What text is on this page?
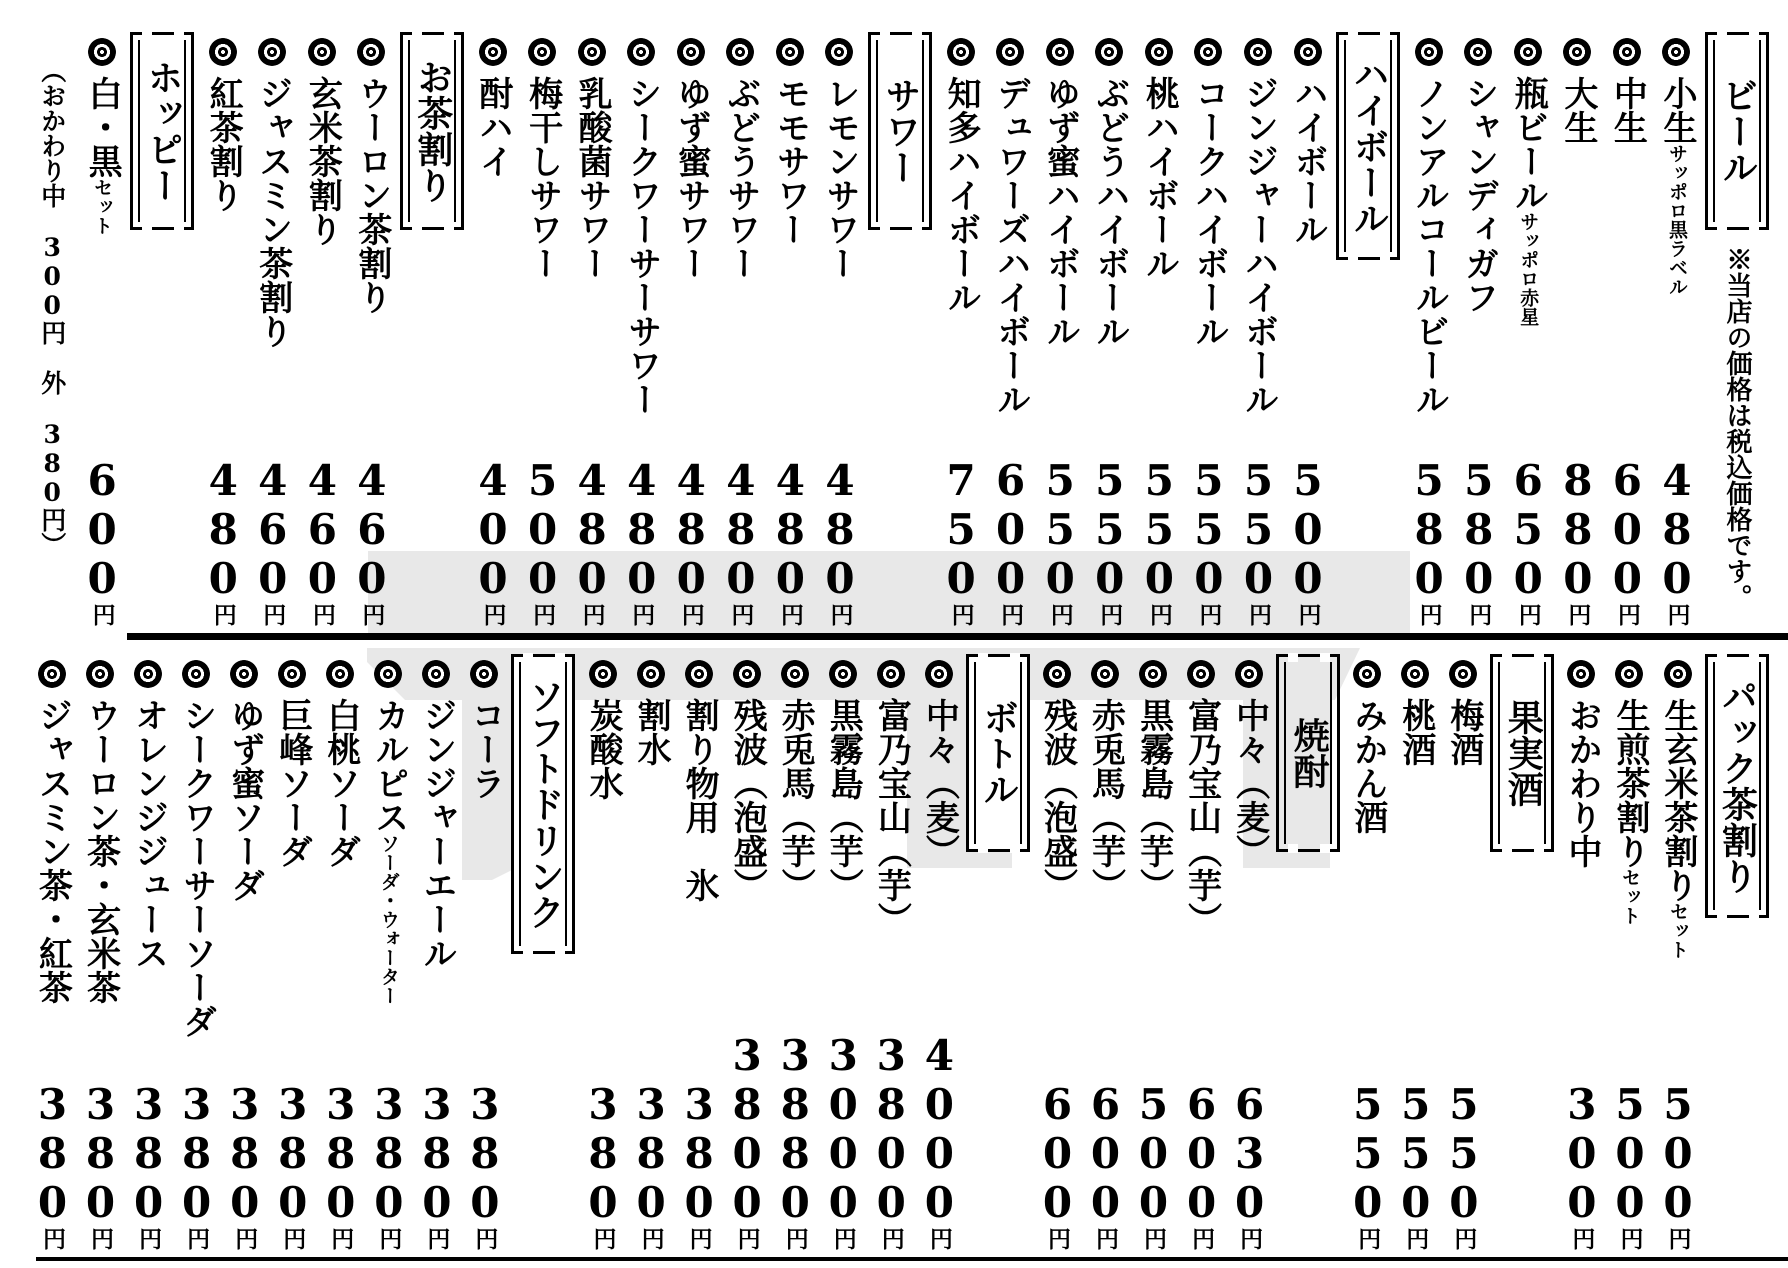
ビール
※当店の価格は税込価格です。
小生サッポロ黒ラベル
480円
中生
600円
大生
880円
瓶ビールサッポロ赤星
650円
シャンディガフ
580円
ノンアルコールビール
580円
ハイボール
ハイボール
500円
ジンジャーハイボール
550円
コークハイボール
550円
桃ハイボール
550円
ぶどうハイボール
550円
ゆず蜜ハイボール
550円
デュワーズハイボール
600円
知多ハイボール
750円
サワー
レモンサワー
480円
モモサワー
480円
ぶどうサワー
480円
ゆず蜜サワー
480円
シークワーサーサワー
480円
乳酸菌サワー
480円
梅干しサワー
500円
酎ハイ
400円
お茶割り
ウーロン茶割り
460円
玄米茶割り
460円
ジャスミン茶割り
460円
紅茶割り
480円
ホッピー
白・黒セット
600円
（おかわり中　300円　外　380円）
パック茶割り
生玄米茶割りセット
500円
生煎茶割りセット
500円
おかわり中
300円
果実酒
梅酒
550円
桃酒
550円
みかん酒
550円
焼酎
中々（麦）
630円
富乃宝山（芋）
600円
黒霧島（芋）
500円
赤兎馬（芋）
600円
残波（泡盛）
600円
ボトル
中々（麦）
4000円
富乃宝山（芋）
3800円
黒霧島（芋）
3000円
赤兎馬（芋）
3880円
残波（泡盛）
3800円
割り物用　氷
380円
割水
380円
炭酸水
380円
ソフトドリンク
コーラ
380円
ジンジャーエール
380円
カルピスソーダ・ウォーター
380円
白桃ソーダ
380円
巨峰ソーダ
380円
ゆず蜜ソーダ
380円
シークワーサーソーダ
380円
オレンジジュース
380円
ウーロン茶・玄米茶
380円
ジャスミン茶・紅茶
380円
